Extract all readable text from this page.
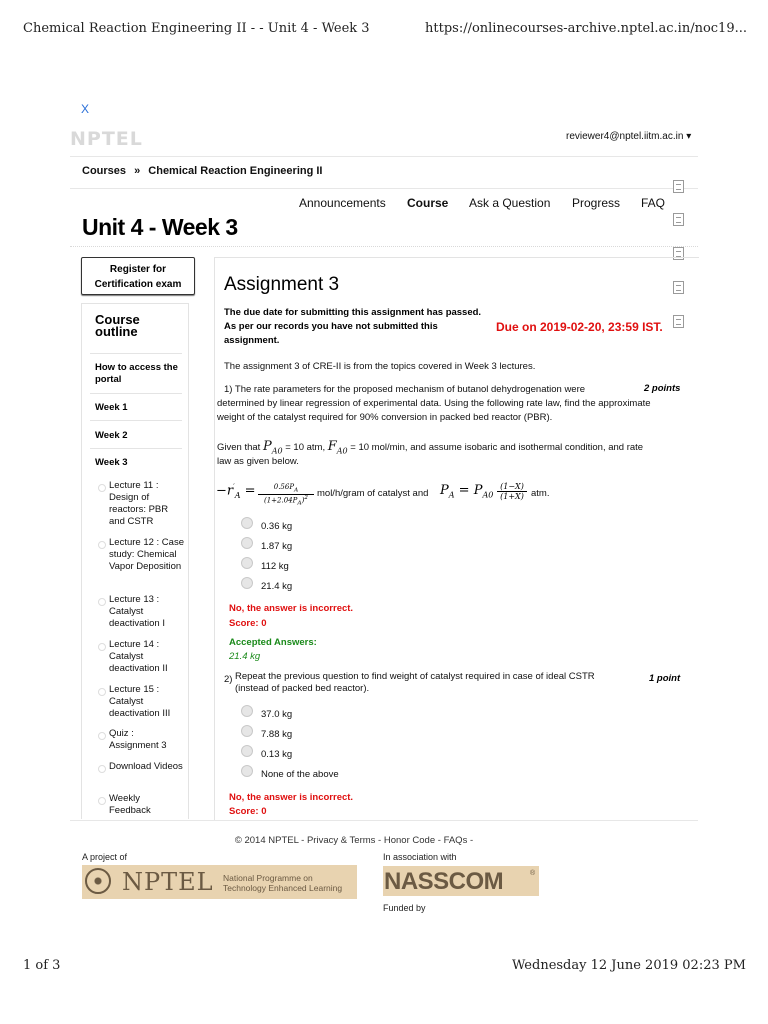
Chemical Reaction Engineering II - - Unit 4 - Week 3	https://onlinecourses-archive.nptel.ac.in/noc19...
X
NPTEL	reviewer4@nptel.iitm.ac.in ▾
Courses » Chemical Reaction Engineering II
Announcements Course Ask a Question Progress FAQ
Unit 4 - Week 3
Register for
Certification exam
Course
outline
How to access the portal
Week 1
Week 2
Week 3
Lecture 11 : Design of reactors: PBR and CSTR
Lecture 12 : Case study: Chemical Vapor Deposition
Lecture 13 : Catalyst deactivation I
Lecture 14 : Catalyst deactivation II
Lecture 15 : Catalyst deactivation III
Quiz : Assignment 3
Download Videos
Weekly Feedback
Assignment 3
The due date for submitting this assignment has passed.
As per our records you have not submitted this
assignment.
Due on 2019-02-20, 23:59 IST.
The assignment 3 of CRE-II is from the topics covered in Week 3 lectures.
1) The rate parameters for the proposed mechanism of butanol dehydrogenation were	2 points
determined by linear regression of experimental data. Using the following rate law, find the approximate
weight of the catalyst required for 90% conversion in packed bed reactor (PBR).
Given that $P_{A0} = 10$ atm, $F_{A0} = 10$ mol/min, and assume isobaric and isothermal condition, and rate
law as given below.
$-r'_A$ =	$0.56P_A$
$(1+2.04P_A)^2$ mol/h/gram of catalyst and $P_A = P_{A0}$
(1−X)
(1+X) atm.
0.36 kg
1.87 kg
112 kg
21.4 kg
No, the answer is incorrect.
Score: 0
Accepted Answers:
21.4 kg
2) Repeat the previous question to find weight of catalyst required in case of ideal CSTR
(instead of packed bed reactor).
1 point
37.0 kg
7.88 kg
0.13 kg
None of the above
No, the answer is incorrect.
Score: 0
© 2014 NPTEL - Privacy & Terms - Honor Code - FAQs -
A project of	In association with
NPTEL National Programme on
Technology Enhanced Learning NASSCOM	®
Funded by
1 of 3	Wednesday 12 June 2019 02:23 PM
